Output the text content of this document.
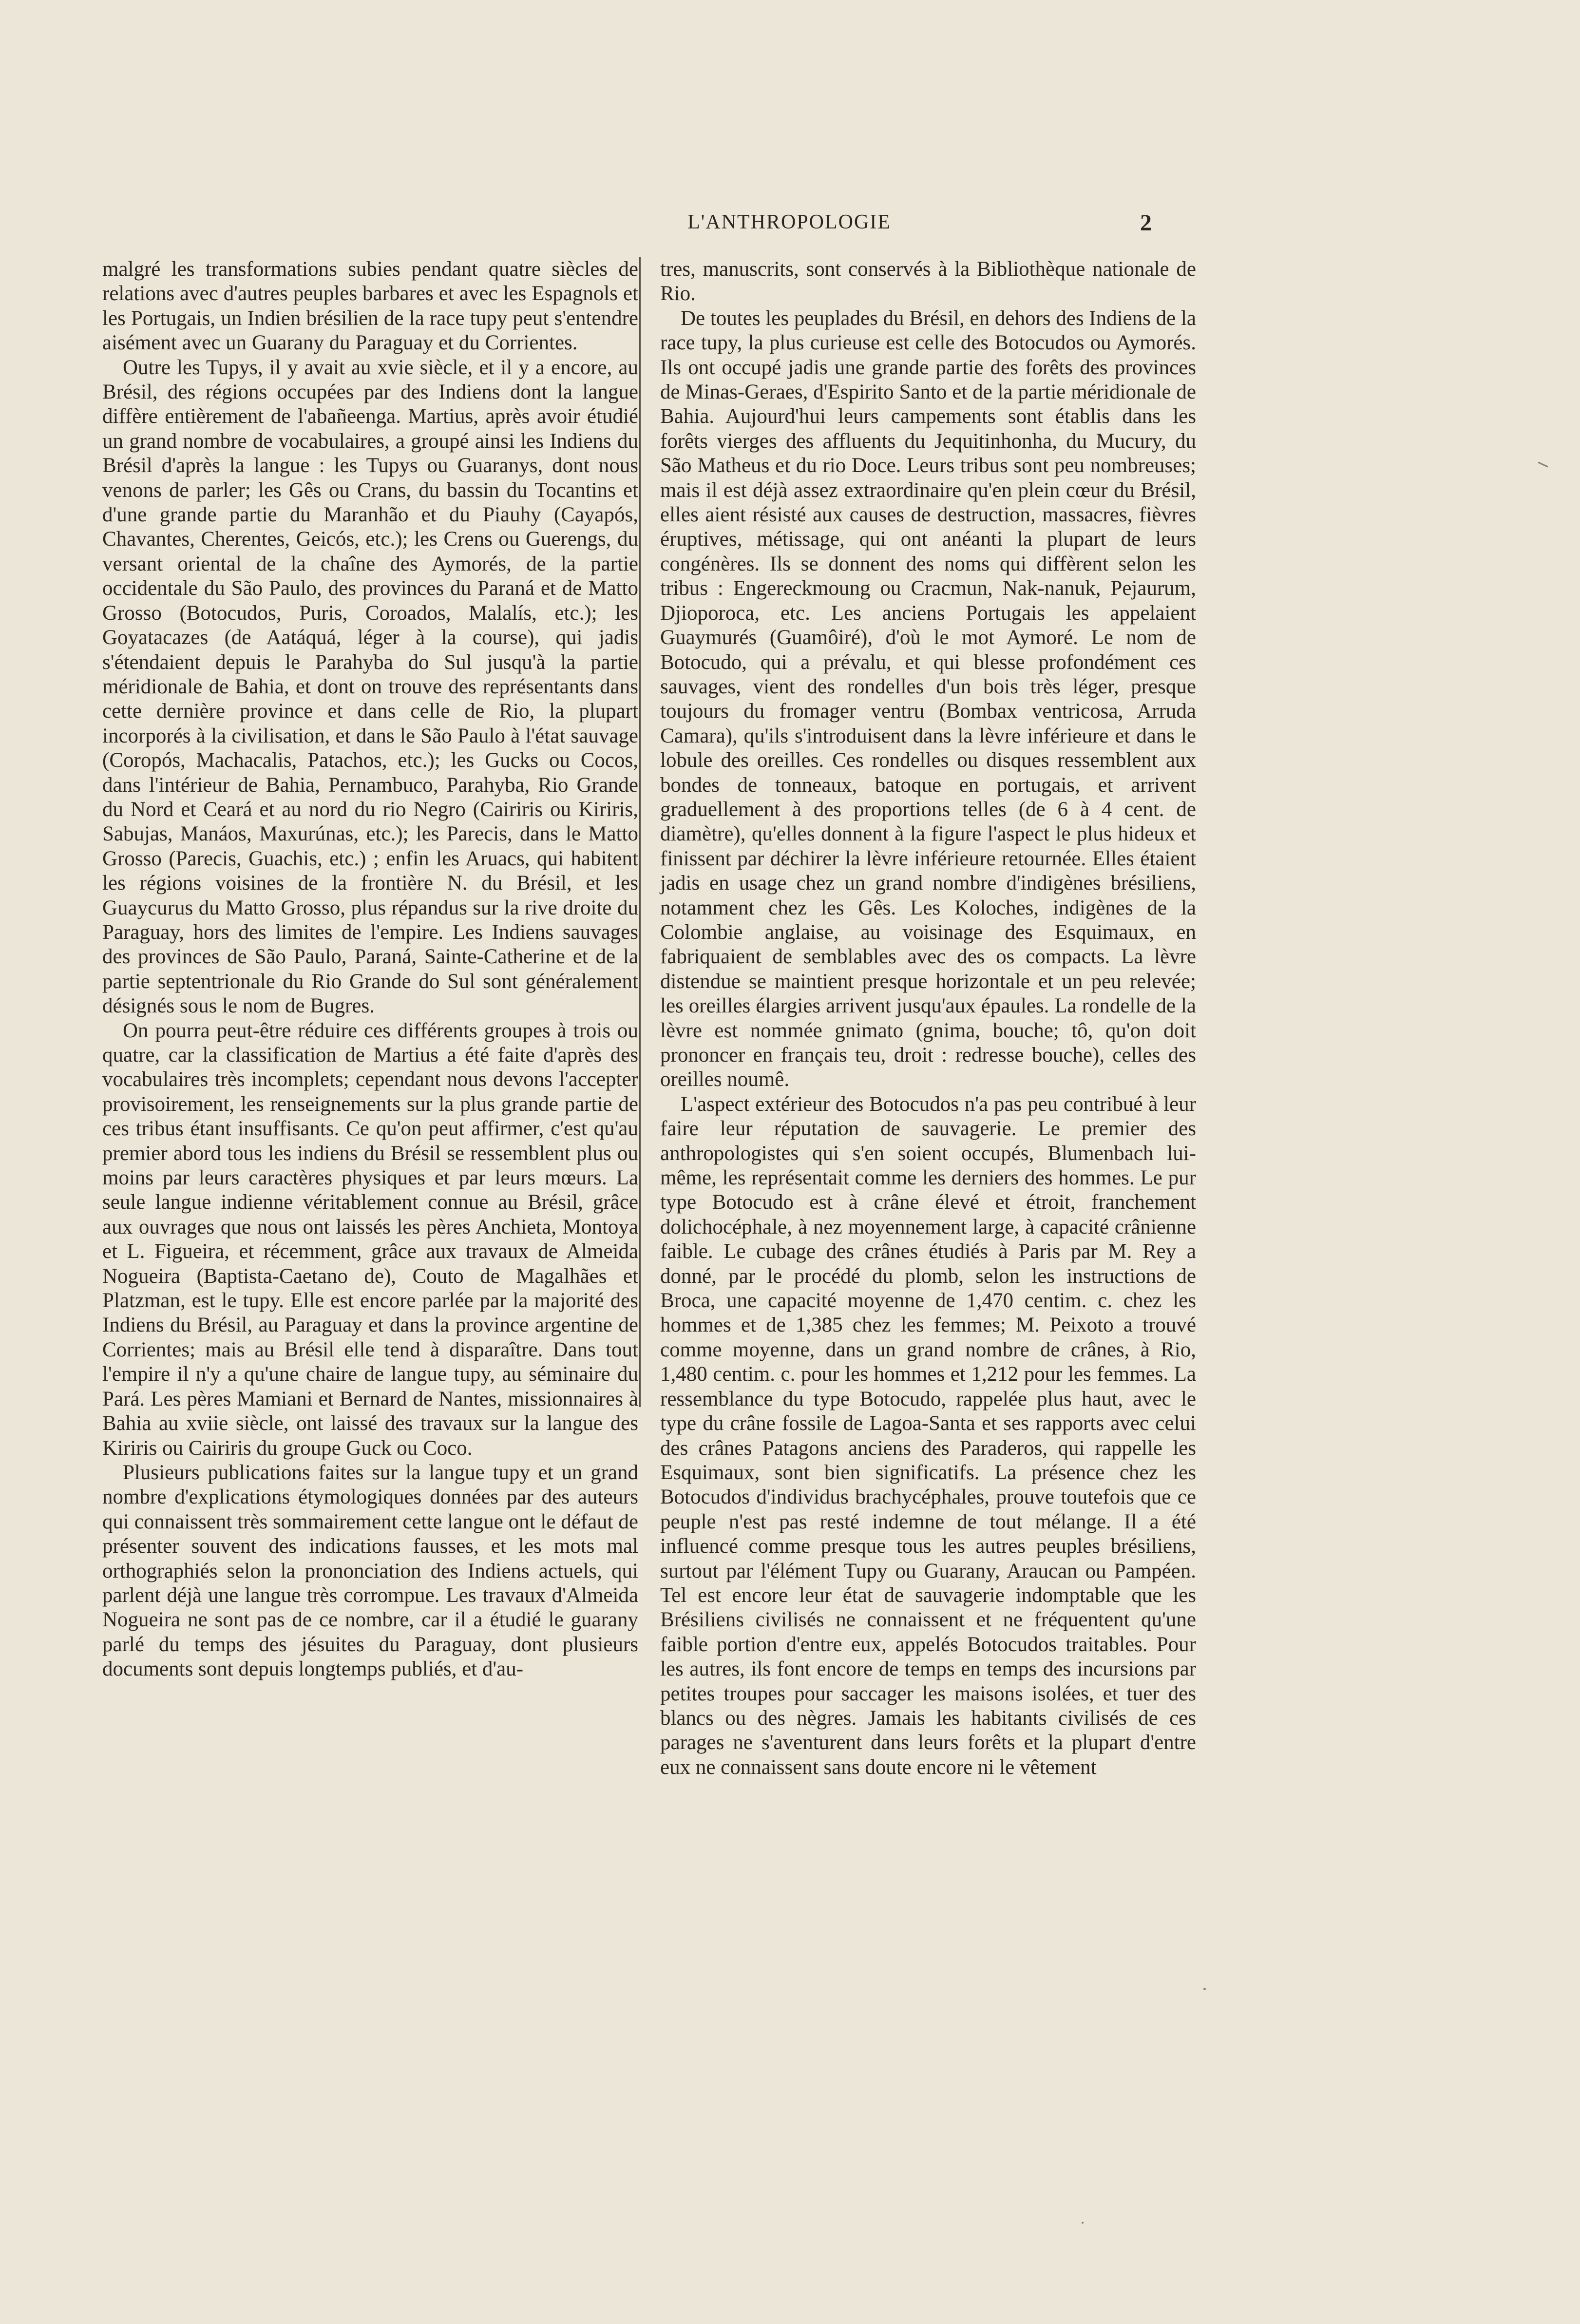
L'ANTHROPOLOGIE	2

malgré les transformations subies pendant quatre siècles de relations avec d'autres peuples barbares et avec les Espagnols et les Portugais, un Indien brésilien de la race tupy peut s'entendre aisément avec un Guarany du Paraguay et du Corrientes.

Outre les Tupys, il y avait au xvie siècle, et il y a encore, au Brésil, des régions occupées par des Indiens dont la langue diffère entièrement de l'abañeenga. Martius, après avoir étudié un grand nombre de vocabulaires, a groupé ainsi les Indiens du Brésil d'après la langue : les Tupys ou Guaranys, dont nous venons de parler; les Gês ou Crans, du bassin du Tocantins et d'une grande partie du Maranhão et du Piauhy (Cayapós, Chavantes, Cherentes, Geicós, etc.); les Crens ou Guerengs, du versant oriental de la chaîne des Aymorés, de la partie occidentale du São Paulo, des provinces du Paraná et de Matto Grosso (Botocudos, Puris, Coroados, Malalís, etc.); les Goyatacazes (de Aatáquá, léger à la course), qui jadis s'étendaient depuis le Parahyba do Sul jusqu'à la partie méridionale de Bahia, et dont on trouve des représentants dans cette dernière province et dans celle de Rio, la plupart incorporés à la civilisation, et dans le São Paulo à l'état sauvage (Coropós, Machacalis, Patachos, etc.); les Gucks ou Cocos, dans l'intérieur de Bahia, Pernambuco, Parahyba, Rio Grande du Nord et Ceará et au nord du rio Negro (Cairiris ou Kiriris, Sabujas, Manáos, Maxurúnas, etc.); les Parecis, dans le Matto Grosso (Parecis, Guachis, etc.) ; enfin les Aruacs, qui habitent les régions voisines de la frontière N. du Brésil, et les Guaycurus du Matto Grosso, plus répandus sur la rive droite du Paraguay, hors des limites de l'empire. Les Indiens sauvages des provinces de São Paulo, Paraná, Sainte-Catherine et de la partie septentrionale du Rio Grande do Sul sont généralement désignés sous le nom de Bugres.

On pourra peut-être réduire ces différents groupes à trois ou quatre, car la classification de Martius a été faite d'après des vocabulaires très incomplets; cependant nous devons l'accepter provisoirement, les renseignements sur la plus grande partie de ces tribus étant insuffisants. Ce qu'on peut affirmer, c'est qu'au premier abord tous les indiens du Brésil se ressemblent plus ou moins par leurs caractères physiques et par leurs mœurs. La seule langue indienne véritablement connue au Brésil, grâce aux ouvrages que nous ont laissés les pères Anchieta, Montoya et L. Figueira, et récemment, grâce aux travaux de Almeida Nogueira (Baptista-Caetano de), Couto de Magalhães et Platzman, est le tupy. Elle est encore parlée par la majorité des Indiens du Brésil, au Paraguay et dans la province argentine de Corrientes; mais au Brésil elle tend à disparaître. Dans tout l'empire il n'y a qu'une chaire de langue tupy, au séminaire du Pará. Les pères Mamiani et Bernard de Nantes, missionnaires à Bahia au xviie siècle, ont laissé des travaux sur la langue des Kiriris ou Cairiris du groupe Guck ou Coco.

Plusieurs publications faites sur la langue tupy et un grand nombre d'explications étymologiques données par des auteurs qui connaissent très sommairement cette langue ont le défaut de présenter souvent des indications fausses, et les mots mal orthographiés selon la prononciation des Indiens actuels, qui parlent déjà une langue très corrompue. Les travaux d'Almeida Nogueira ne sont pas de ce nombre, car il a étudié le guarany parlé du temps des jésuites du Paraguay, dont plusieurs documents sont depuis longtemps publiés, et d'au-

tres, manuscrits, sont conservés à la Bibliothèque nationale de Rio.

De toutes les peuplades du Brésil, en dehors des Indiens de la race tupy, la plus curieuse est celle des Botocudos ou Aymorés. Ils ont occupé jadis une grande partie des forêts des provinces de Minas-Geraes, d'Espirito Santo et de la partie méridionale de Bahia. Aujourd'hui leurs campements sont établis dans les forêts vierges des affluents du Jequitinhonha, du Mucury, du São Matheus et du rio Doce. Leurs tribus sont peu nombreuses; mais il est déjà assez extraordinaire qu'en plein cœur du Brésil, elles aient résisté aux causes de destruction, massacres, fièvres éruptives, métissage, qui ont anéanti la plupart de leurs congénères. Ils se donnent des noms qui diffèrent selon les tribus : Engereckmoung ou Cracmun, Nak-nanuk, Pejaurum, Djioporoca, etc. Les anciens Portugais les appelaient Guaymurés (Guamôiré), d'où le mot Aymoré. Le nom de Botocudo, qui a prévalu, et qui blesse profondément ces sauvages, vient des rondelles d'un bois très léger, presque toujours du fromager ventru (Bombax ventricosa, Arruda Camara), qu'ils s'introduisent dans la lèvre inférieure et dans le lobule des oreilles. Ces rondelles ou disques ressemblent aux bondes de tonneaux, batoque en portugais, et arrivent graduellement à des proportions telles (de 6 à 4 cent. de diamètre), qu'elles donnent à la figure l'aspect le plus hideux et finissent par déchirer la lèvre inférieure retournée. Elles étaient jadis en usage chez un grand nombre d'indigènes brésiliens, notamment chez les Gês. Les Koloches, indigènes de la Colombie anglaise, au voisinage des Esquimaux, en fabriquaient de semblables avec des os compacts. La lèvre distendue se maintient presque horizontale et un peu relevée; les oreilles élargies arrivent jusqu'aux épaules. La rondelle de la lèvre est nommée gnimato (gnima, bouche; tô, qu'on doit prononcer en français teu, droit : redresse bouche), celles des oreilles noumê.

L'aspect extérieur des Botocudos n'a pas peu contribué à leur faire leur réputation de sauvagerie. Le premier des anthropologistes qui s'en soient occupés, Blumenbach lui-même, les représentait comme les derniers des hommes. Le pur type Botocudo est à crâne élevé et étroit, franchement dolichocéphale, à nez moyennement large, à capacité crânienne faible. Le cubage des crânes étudiés à Paris par M. Rey a donné, par le procédé du plomb, selon les instructions de Broca, une capacité moyenne de 1,470 centim. c. chez les hommes et de 1,385 chez les femmes; M. Peixoto a trouvé comme moyenne, dans un grand nombre de crânes, à Rio, 1,480 centim. c. pour les hommes et 1,212 pour les femmes. La ressemblance du type Botocudo, rappelée plus haut, avec le type du crâne fossile de Lagoa-Santa et ses rapports avec celui des crânes Patagons anciens des Paraderos, qui rappelle les Esquimaux, sont bien significatifs. La présence chez les Botocudos d'individus brachycéphales, prouve toutefois que ce peuple n'est pas resté indemne de tout mélange. Il a été influencé comme presque tous les autres peuples brésiliens, surtout par l'élément Tupy ou Guarany, Araucan ou Pampéen. Tel est encore leur état de sauvagerie indomptable que les Brésiliens civilisés ne connaissent et ne fréquentent qu'une faible portion d'entre eux, appelés Botocudos traitables. Pour les autres, ils font encore de temps en temps des incursions par petites troupes pour saccager les maisons isolées, et tuer des blancs ou des nègres. Jamais les habitants civilisés de ces parages ne s'aventurent dans leurs forêts et la plupart d'entre eux ne connaissent sans doute encore ni le vêtement
